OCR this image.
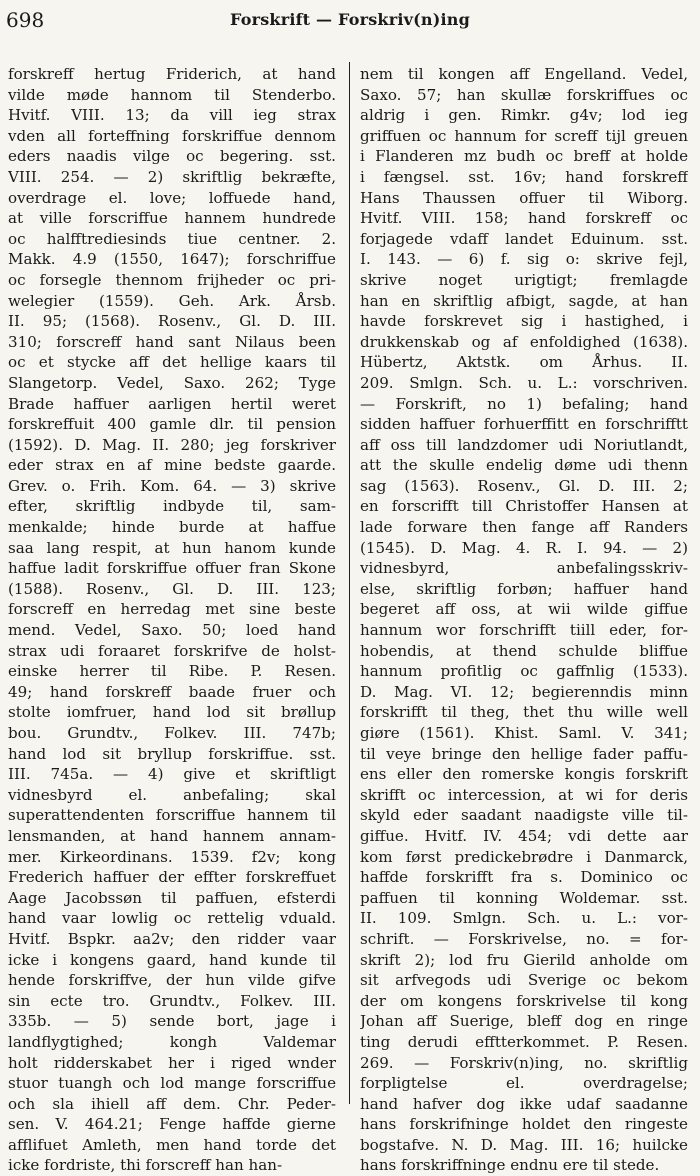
698	Forskrift — Forskriv(n)ing
forskreff hertug Friderich, at hand
vilde møde hannom til Stenderbo.
Hvitf. VIII. 13; da vill ieg strax
vden all forteffning forskriffue dennom
eders naadis vilge oc begering. sst.
VIII. 254. — 2) skriftlig bekræfte,
overdrage el. love; loffuede hand,
at ville forscriffue hannem hundrede
oc halfftrediesinds tiue centner. 2.
Makk. 4.9 (1550, 1647); forschriffue
oc forsegle thennom frijheder oc pri-
welegier (1559). Geh. Ark. Årsb.
II. 95; (1568). Rosenv., Gl. D. III.
310; forscreff hand sant Nilaus been
oc et stycke aff det hellige kaars til
Slangetorp. Vedel, Saxo. 262; Tyge
Brade haffuer aarligen hertil weret
forskreffuit 400 gamle dlr. til pension
(1592). D. Mag. II. 280; jeg forskriver
eder strax en af mine bedste gaarde.
Grev. o. Frih. Kom. 64. — 3) skrive
efter, skriftlig indbyde til, sam-
menkalde; hinde burde at haffue
saa lang respit, at hun hanom kunde
haffue ladit forskriffue offuer fran Skone
(1588). Rosenv., Gl. D. III. 123;
forscreff en herredag met sine beste
mend. Vedel, Saxo. 50; loed hand
strax udi foraaret forskrifve de holst-
einske herrer til Ribe. P. Resen.
49; hand forskreff baade fruer och
stolte iomfruer, hand lod sit brøllup
bou. Grundtv., Folkev. III. 747b;
hand lod sit bryllup forskriffue. sst.
III. 745a. — 4) give et skriftligt
vidnesbyrd el. anbefaling; skal
superattendenten forscriffue hannem til
lensmanden, at hand hannem annam-
mer. Kirkeordinans. 1539. f2v; kong
Frederich haffuer der effter forskreffuet
Aage Jacobssøn til paffuen, efsterdi
hand vaar lowlig oc rettelig vduald.
Hvitf. Bspkr. aa2v; den ridder vaar
icke i kongens gaard, hand kunde til
hende forskriffve, der hun vilde gifve
sin ecte tro. Grundtv., Folkev. III.
335b. — 5) sende bort, jage i
landflygtighed; kongh Valdemar
holt ridderskabet her i riged wnder
stuor tuangh och lod mange forscriffue
och sla ihiell aff dem. Chr. Peder-
sen. V. 464.21; Fenge haffde gierne
afflifuet Amleth, men hand torde det
icke fordriste, thi forscreff han han-
nem til kongen aff Engelland. Vedel,
Saxo. 57; han skullæ forskriffues oc
aldrig i gen. Rimkr. g4v; lod ieg
griffuen oc hannum for screff tijl greuen
i Flanderen mz budh oc breff at holde
i fængsel. sst. 16v; hand forskreff
Hans Thaussen offuer til Wiborg.
Hvitf. VIII. 158; hand forskreff oc
forjagede vdaff landet Eduinum. sst.
I. 143. — 6) f. sig o: skrive fejl,
skrive noget urigtigt; fremlagde
han en skriftlig afbigt, sagde, at han
havde forskrevet sig i hastighed, i
drukkenskab og af enfoldighed (1638).
Hübertz, Aktstk. om Århus. II.
209. Smlgn. Sch. u. L.: vorschriven.
— Forskrift, no 1) befaling; hand
sidden haffuer forhuerffitt en forschrifftt
aff oss till landzdomer udi Noriutlandt,
att the skulle endelig døme udi thenn
sag (1563). Rosenv., Gl. D. III. 2;
en forscrifft till Christoffer Hansen at
lade forware then fange aff Randers
(1545). D. Mag. 4. R. I. 94. — 2)
vidnesbyrd, anbefalingsskriv-
else, skriftlig forbøn; haffuer hand
begeret aff oss, at wii wilde giffue
hannum wor forschrifft tiill eder, for-
hobendis, at thend schulde bliffue
hannum profitlig oc gaffnlig (1533).
D. Mag. VI. 12; begierenndis minn
forskrifft til theg, thet thu wille well
giøre (1561). Khist. Saml. V. 341;
til veye bringe den hellige fader paffu-
ens eller den romerske kongis forskrift
skrifft oc intercession, at wi for deris
skyld eder saadant naadigste ville til-
giffue. Hvitf. IV. 454; vdi dette aar
kom først predickebrødre i Danmarck,
haffde forskrifft fra s. Dominico oc
paffuen til konning Woldemar. sst.
II. 109. Smlgn. Sch. u. L.: vor-
schrift. — Forskrivelse, no. = for-
skrift 2); lod fru Gierild anholde om
sit arfvegods udi Sverige oc bekom
der om kongens forskrivelse til kong
Johan aff Suerige, bleff dog en ringe
ting derudi efftterkommet. P. Resen.
269. — Forskriv(n)ing, no. skriftlig
forpligtelse el. overdragelse;
hand hafver dog ikke udaf saadanne
hans forskrifninge holdet den ringeste
bogstafve. N. D. Mag. III. 16; huilcke
hans forskriffninge endnu ere til stede.
